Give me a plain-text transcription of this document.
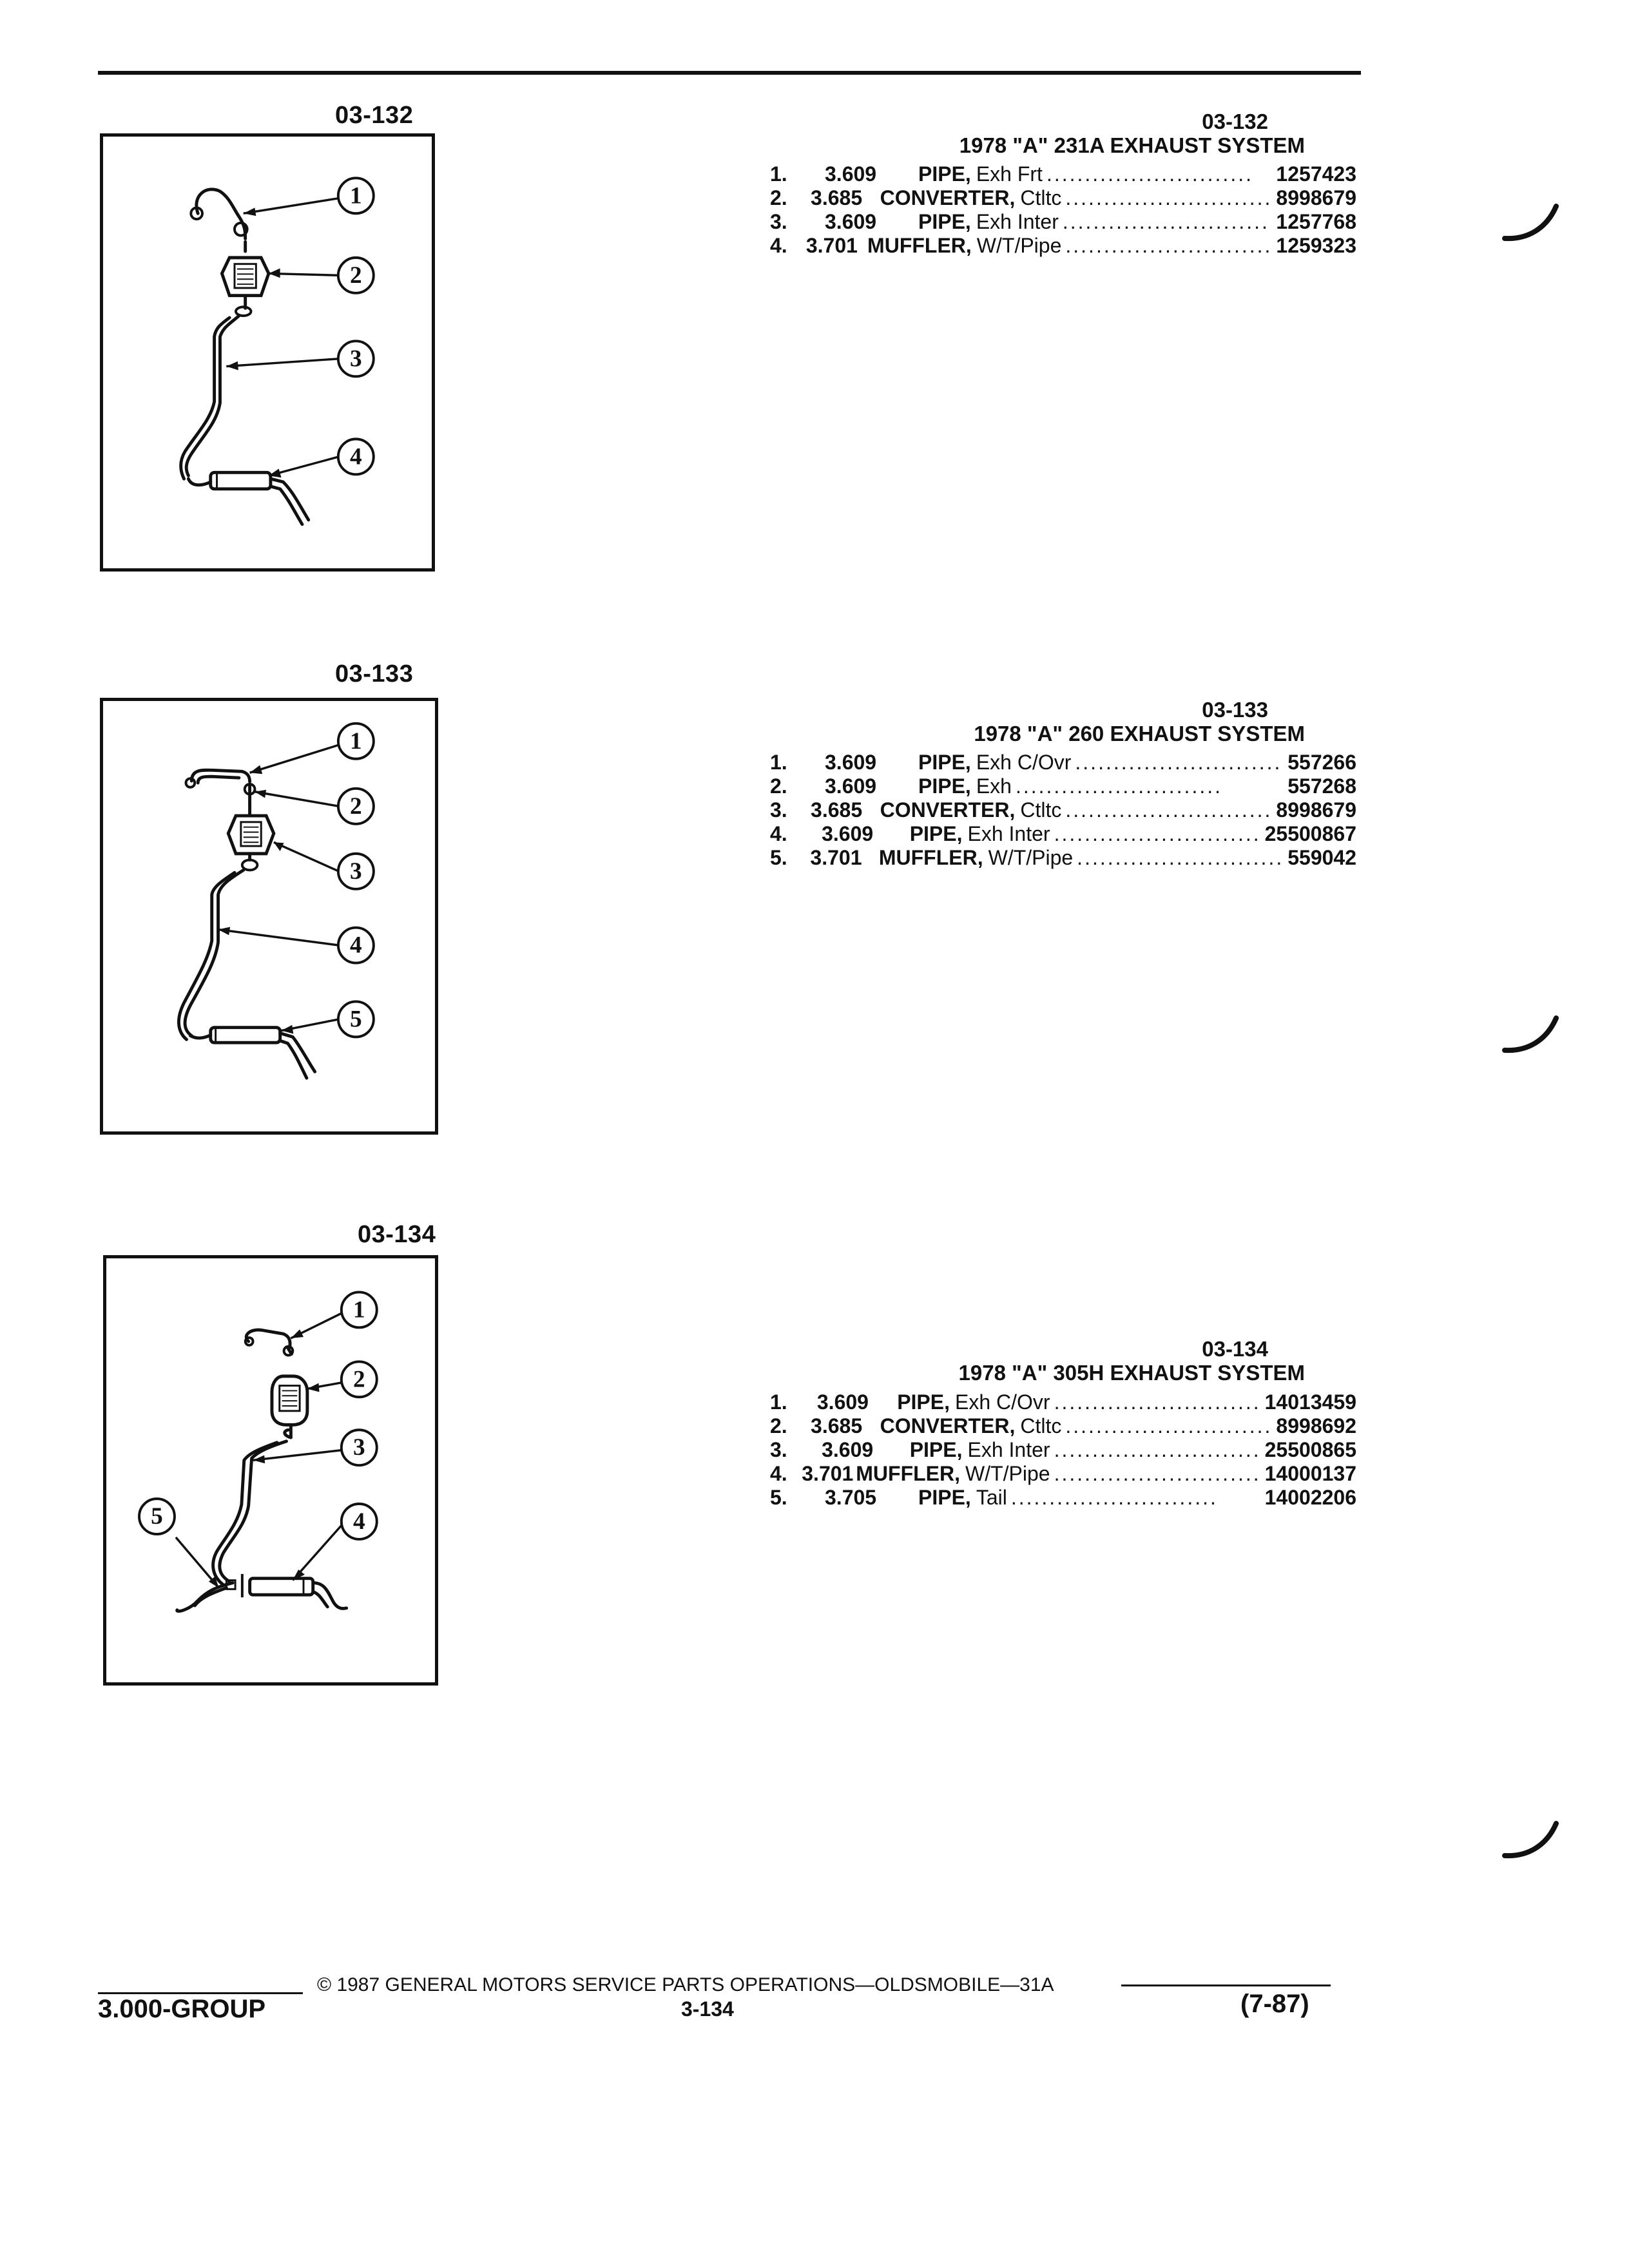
03-132
1
2
3
4
03-132
1978 "A" 231A EXHAUST SYSTEM
1.	3.609	PIPE, Exh Frt ...........................	1257423
2.	3.685 CONVERTER, Ctltc ........................... 8998679
3.	3.609	PIPE, Exh Inter ........................... 1257768
4. 3.701 MUFFLER, W/T/Pipe ........................... 1259323
03-133
1
2
3
4
5
03-133
1978 "A" 260 EXHAUST SYSTEM
1.	3.609	PIPE, Exh C/Ovr ........................... 557266
2.	3.609	PIPE, Exh ...........................	557268
3.	3.685 CONVERTER, Ctltc ........................... 8998679
4.	3.609	PIPE, Exh Inter ........................... 25500867
5.	3.701 MUFFLER, W/T/Pipe ........................... 559042
03-134
1
2
3
4
5
03-134
1978 "A" 305H EXHAUST SYSTEM
1.	3.609	PIPE, Exh C/Ovr ........................... 14013459
2.	3.685 CONVERTER, Ctltc ........................... 8998692
3.	3.609	PIPE, Exh Inter ........................... 25500865
4. 3.701 MUFFLER, W/T/Pipe ........................... 14000137
5.	3.705	PIPE, Tail ...........................	14002206
© 1987 GENERAL MOTORS SERVICE PARTS OPERATIONS—OLDSMOBILE—31A
3.000-GROUP	3-134	(7-87)
